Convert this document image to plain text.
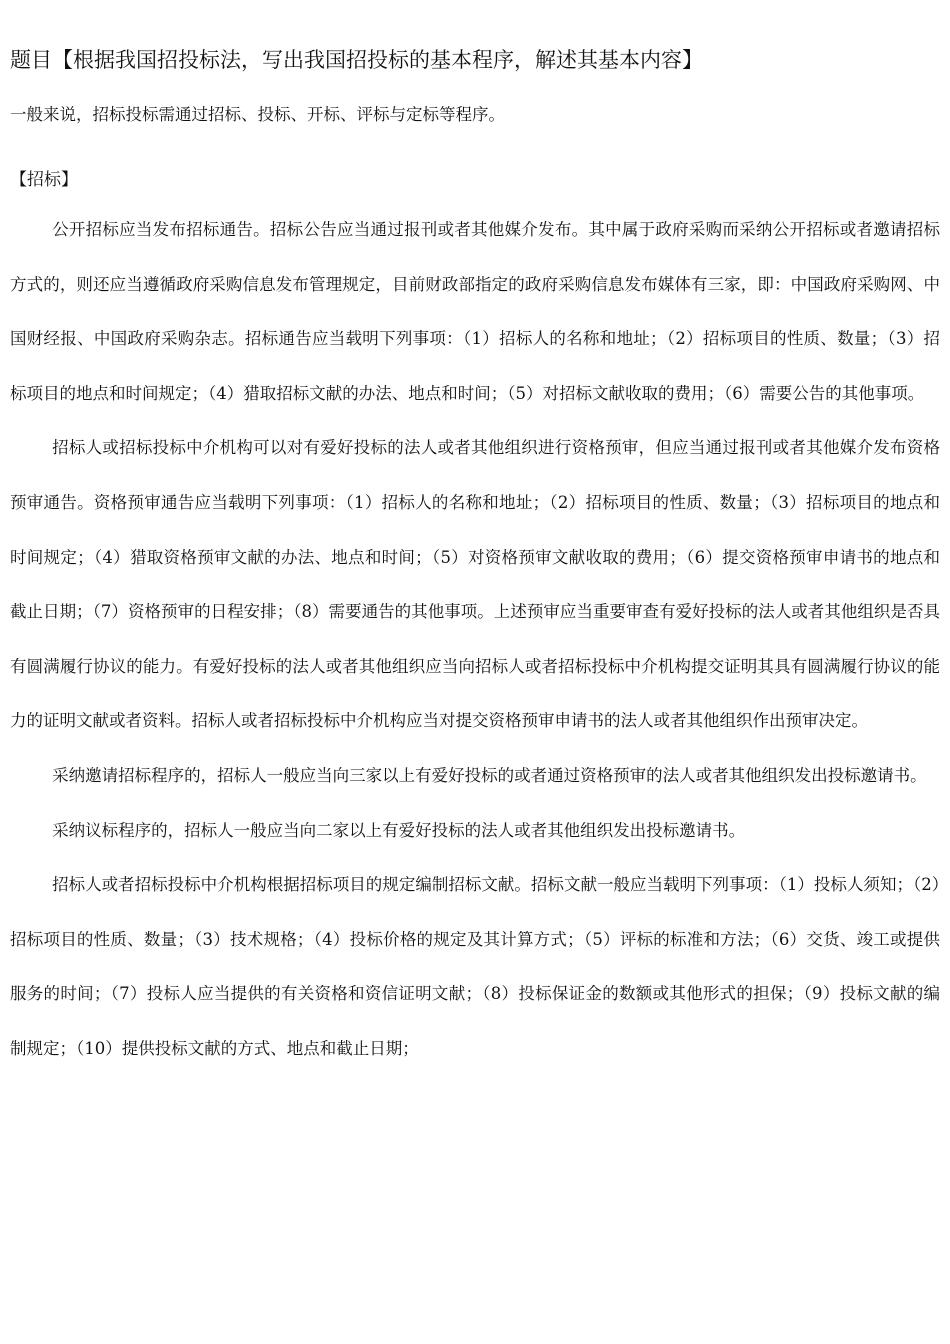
题目【根据我国招投标法，写出我国招投标的基本程序，解述其基本内容】

一般来说，招标投标需通过招标、投标、开标、评标与定标等程序。

【招标】

公开招标应当发布招标通告。招标公告应当通过报刊或者其他媒介发布。其中属于政府采购而采纳公开招标或者邀请招标方式的，则还应当遵循政府采购信息发布管理规定，目前财政部指定的政府采购信息发布媒体有三家，即：中国政府采购网、中国财经报、中国政府采购杂志。招标通告应当载明下列事项：（1）招标人的名称和地址；（2）招标项目的性质、数量；（3）招标项目的地点和时间规定；（4）猎取招标文献的办法、地点和时间；（5）对招标文献收取的费用；（6）需要公告的其他事项。

招标人或招标投标中介机构可以对有爱好投标的法人或者其他组织进行资格预审，但应当通过报刊或者其他媒介发布资格预审通告。资格预审通告应当载明下列事项：（1）招标人的名称和地址；（2）招标项目的性质、数量；（3）招标项目的地点和时间规定；（4）猎取资格预审文献的办法、地点和时间；（5）对资格预审文献收取的费用；（6）提交资格预审申请书的地点和截止日期；（7）资格预审的日程安排；（8）需要通告的其他事项。上述预审应当重要审查有爱好投标的法人或者其他组织是否具有圆满履行协议的能力。有爱好投标的法人或者其他组织应当向招标人或者招标投标中介机构提交证明其具有圆满履行协议的能力的证明文献或者资料。招标人或者招标投标中介机构应当对提交资格预审申请书的法人或者其他组织作出预审决定。

采纳邀请招标程序的，招标人一般应当向三家以上有爱好投标的或者通过资格预审的法人或者其他组织发出投标邀请书。

采纳议标程序的，招标人一般应当向二家以上有爱好投标的法人或者其他组织发出投标邀请书。

招标人或者招标投标中介机构根据招标项目的规定编制招标文献。招标文献一般应当载明下列事项：（1）投标人须知；（2）招标项目的性质、数量；（3）技术规格；（4）投标价格的规定及其计算方式；（5）评标的标准和方法；（6）交货、竣工或提供服务的时间；（7）投标人应当提供的有关资格和资信证明文献；（8）投标保证金的数额或其他形式的担保；（9）投标文献的编制规定；（10）提供投标文献的方式、地点和截止日期；
